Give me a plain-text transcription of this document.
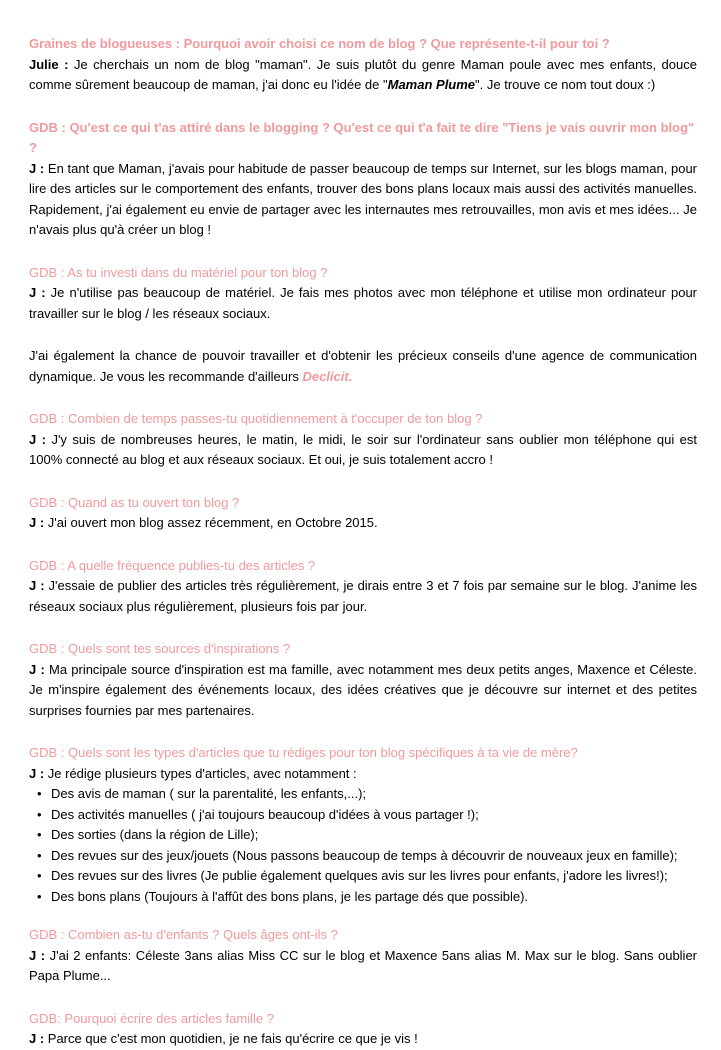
Graines de blogueuses : Pourquoi avoir choisi ce nom de blog ? Que représente-t-il pour toi ?

Julie : Je cherchais un nom de blog "maman". Je suis plutôt du genre Maman poule avec mes enfants, douce comme sûrement beaucoup de maman, j'ai donc eu l'idée de "Maman Plume". Je trouve ce nom tout doux :)

GDB : Qu'est ce qui t'as attiré dans le blogging ? Qu'est ce qui t'a fait te dire "Tiens je vais ouvrir mon blog" ?

J : En tant que Maman, j'avais pour habitude de passer beaucoup de temps sur Internet, sur les blogs maman, pour lire des articles sur le comportement des enfants, trouver des bons plans locaux mais aussi des activités manuelles. Rapidement, j'ai également eu envie de partager avec les internautes mes retrouvailles, mon avis et mes idées... Je n'avais plus qu'à créer un blog !

GDB : As tu investi dans du matériel pour ton blog ?

J : Je n'utilise pas beaucoup de matériel. Je fais mes photos avec mon téléphone et utilise mon ordinateur pour travailler sur le blog / les réseaux sociaux.

J'ai également la chance de pouvoir travailler et d'obtenir les précieux conseils d'une agence de communication dynamique. Je vous les recommande d'ailleurs Declicit.

GDB : Combien de temps passes-tu quotidiennement à t'occuper de ton blog ?

J : J'y suis de nombreuses heures, le matin, le midi, le soir sur l'ordinateur sans oublier mon téléphone qui est 100% connecté au blog et aux réseaux sociaux. Et oui, je suis totalement accro !

GDB : Quand as tu ouvert ton blog ?

J : J'ai ouvert mon blog assez récemment, en Octobre 2015.

GDB : A quelle fréquence publies-tu des articles ?

J : J'essaie de publier des articles très régulièrement, je dirais entre 3 et 7 fois par semaine sur le blog. J'anime les réseaux sociaux plus régulièrement, plusieurs fois par jour.

GDB : Quels sont tes sources d'inspirations ?

J : Ma principale source d'inspiration est ma famille, avec notamment mes deux petits anges, Maxence et Céleste. Je m'inspire également des événements locaux, des idées créatives que je découvre sur internet et des petites surprises fournies par mes partenaires.

GDB : Quels sont les types d'articles que tu rédiges pour ton blog spécifiques à ta vie de mère?

J : Je rédige plusieurs types d'articles, avec notamment :

• Des avis de maman ( sur la parentalité, les enfants,...);
• Des activités manuelles ( j'ai toujours beaucoup d'idées à vous partager !);
• Des sorties (dans la région de Lille);
• Des revues sur des jeux/jouets (Nous passons beaucoup de temps à découvrir de nouveaux jeux en famille);
• Des revues sur des livres (Je publie également quelques avis sur les livres pour enfants, j'adore les livres!);
• Des bons plans (Toujours à l'affût des bons plans, je les partage dés que possible).

GDB : Combien as-tu d'enfants ? Quels âges ont-ils ?

J : J'ai 2 enfants: Céleste 3ans alias Miss CC sur le blog et Maxence 5ans alias M. Max sur le blog. Sans oublier Papa Plume...

GDB: Pourquoi écrire des articles famille ?

J : Parce que c'est mon quotidien, je ne fais qu'écrire ce que je vis !
